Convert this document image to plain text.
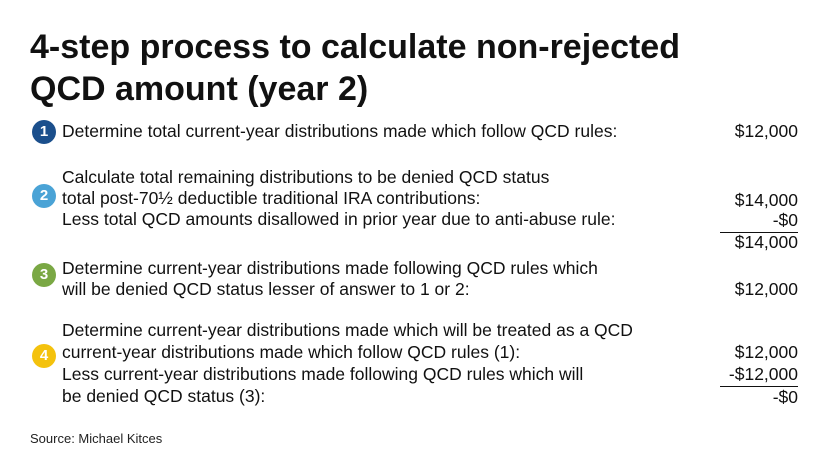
4-step process to calculate non-rejected
QCD amount (year 2)
1 Determine total current-year distributions made which follow QCD rules:	$12,000
2
Calculate total remaining distributions to be denied QCD status
total post-70½ deductible traditional IRA contributions:
Less total QCD amounts disallowed in prior year due to anti-abuse rule:
$14,000
-$0
$14,000
3 Determine current-year distributions made following QCD rules which
will be denied QCD status lesser of answer to 1 or 2:	$12,000
4
Determine current-year distributions made which will be treated as a QCD
current-year distributions made which follow QCD rules (1):
Less current-year distributions made following QCD rules which will
be denied QCD status (3):
$12,000
-$12,000
-$0
Source: Michael Kitces
